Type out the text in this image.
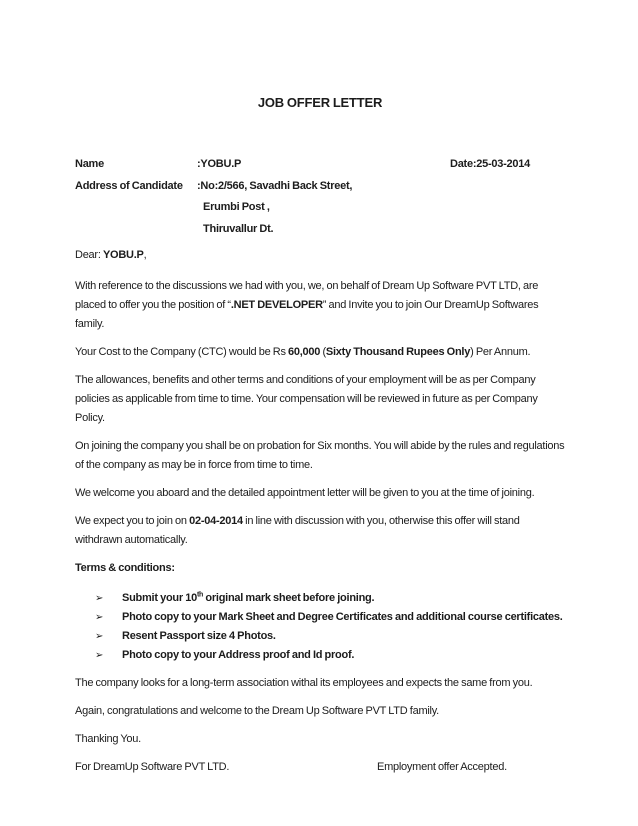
JOB OFFER LETTER
Name	:YOBU.P	Date:25-03-2014
Address of Candidate :No:2/566, Savadhi Back Street,
Erumbi Post ,
Thiruvallur Dt.

Dear: YOBU.P,

With reference to the discussions we had with you, we, on behalf of Dream Up Software PVT LTD, are placed to offer you the position of “.NET DEVELOPER” and Invite you to join Our DreamUp Softwares family.

Your Cost to the Company (CTC) would be Rs 60,000 (Sixty Thousand Rupees Only) Per Annum.

The allowances, benefits and other terms and conditions of your employment will be as per Company policies as applicable from time to time. Your compensation will be reviewed in future as per Company Policy.

On joining the company you shall be on probation for Six months. You will abide by the rules and regulations of the company as may be in force from time to time.

We welcome you aboard and the detailed appointment letter will be given to you at the time of joining.

We expect you to join on 02-04-2014 in line with discussion with you, otherwise this offer will stand withdrawn automatically.

Terms & conditions:
➢ Submit your 10th original mark sheet before joining.
➢ Photo copy to your Mark Sheet and Degree Certificates and additional course certificates.
➢ Resent Passport size 4 Photos.
➢ Photo copy to your Address proof and Id proof.

The company looks for a long-term association withal its employees and expects the same from you.

Again, congratulations and welcome to the Dream Up Software PVT LTD family.

Thanking You.

For DreamUp Software PVT LTD.	Employment offer Accepted.
